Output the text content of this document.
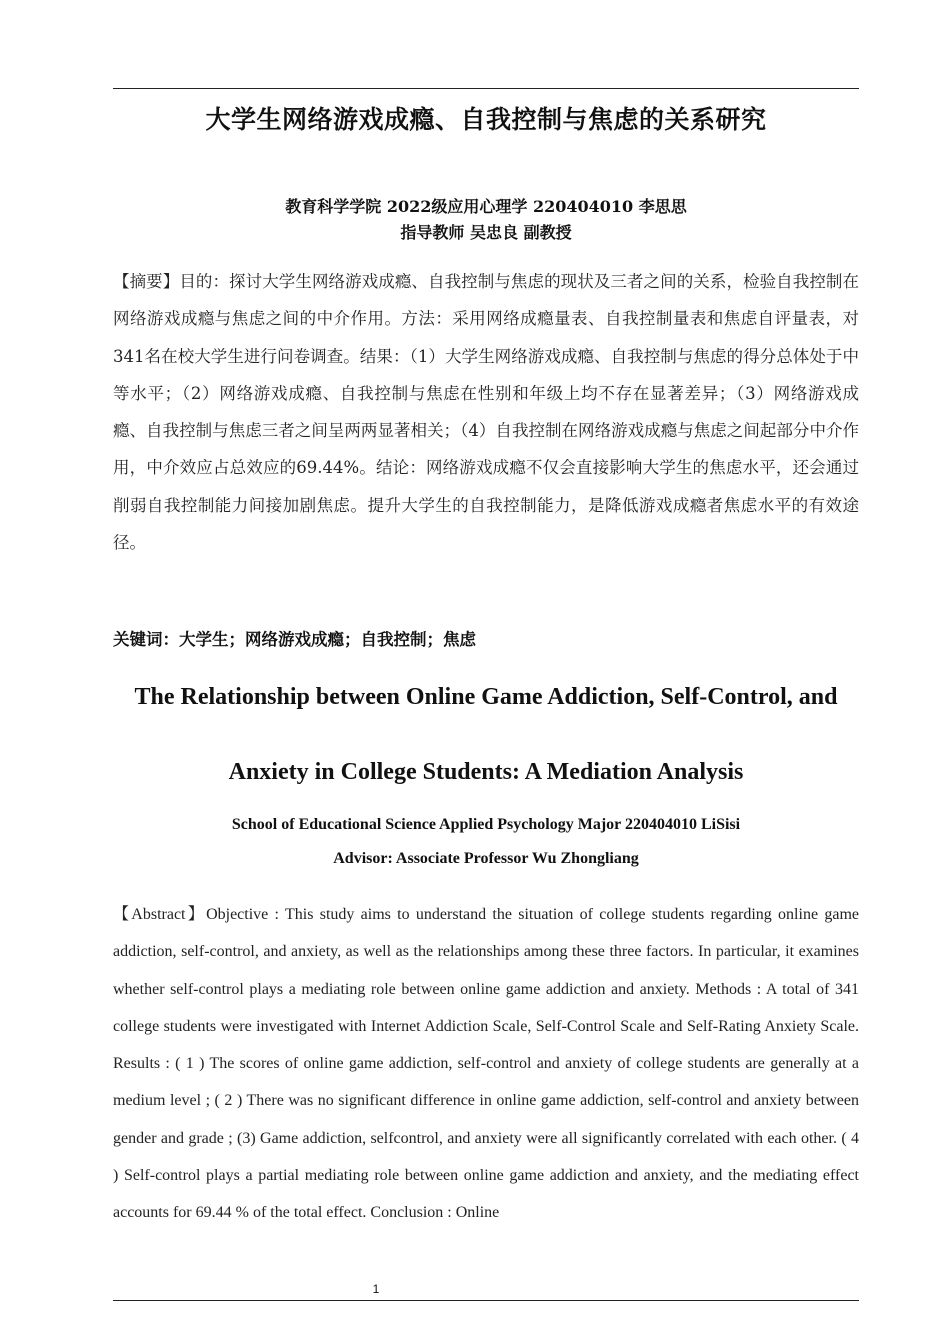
大学生网络游戏成瘾、自我控制与焦虑的关系研究
教育科学学院 2022级应用心理学 220404010 李思思
指导教师 吴忠良 副教授

【摘要】目的：探讨大学生网络游戏成瘾、自我控制与焦虑的现状及三者之间的关系，检验自我控制在网络游戏成瘾与焦虑之间的中介作用。方法：采用网络成瘾量表、自我控制量表和焦虑自评量表，对341名在校大学生进行问卷调查。结果：（1）大学生网络游戏成瘾、自我控制与焦虑的得分总体处于中等水平；（2）网络游戏成瘾、自我控制与焦虑在性别和年级上均不存在显著差异；（3）网络游戏成瘾、自我控制与焦虑三者之间呈两两显著相关；（4）自我控制在网络游戏成瘾与焦虑之间起部分中介作用，中介效应占总效应的69.44%。结论：网络游戏成瘾不仅会直接影响大学生的焦虑水平，还会通过削弱自我控制能力间接加剧焦虑。提升大学生的自我控制能力，是降低游戏成瘾者焦虑水平的有效途径。

关键词：大学生；网络游戏成瘾；自我控制；焦虑
The Relationship between Online Game Addiction, Self-Control, and
Anxiety in College Students: A Mediation Analysis
School of Educational Science Applied Psychology Major 220404010 LiSisi
Advisor: Associate Professor Wu Zhongliang

【Abstract】Objective : This study aims to understand the situation of college students regarding online game addiction, self-control, and anxiety, as well as the relationships among these three factors. In particular, it examines whether self-control plays a mediating role between online game addiction and anxiety. Methods : A total of 341 college students were investigated with Internet Addiction Scale, Self-Control Scale and Self-Rating Anxiety Scale. Results : ( 1 ) The scores of online game addiction, self-control and anxiety of college students are generally at a medium level ; ( 2 ) There was no significant difference in online game addiction, self-control and anxiety between gender and grade ; (3) Game addiction, selfcontrol, and anxiety were all significantly correlated with each other. ( 4 ) Self-control plays a partial mediating role between online game addiction and anxiety, and the mediating effect accounts for 69.44 % of the total effect. Conclusion : Online

1
